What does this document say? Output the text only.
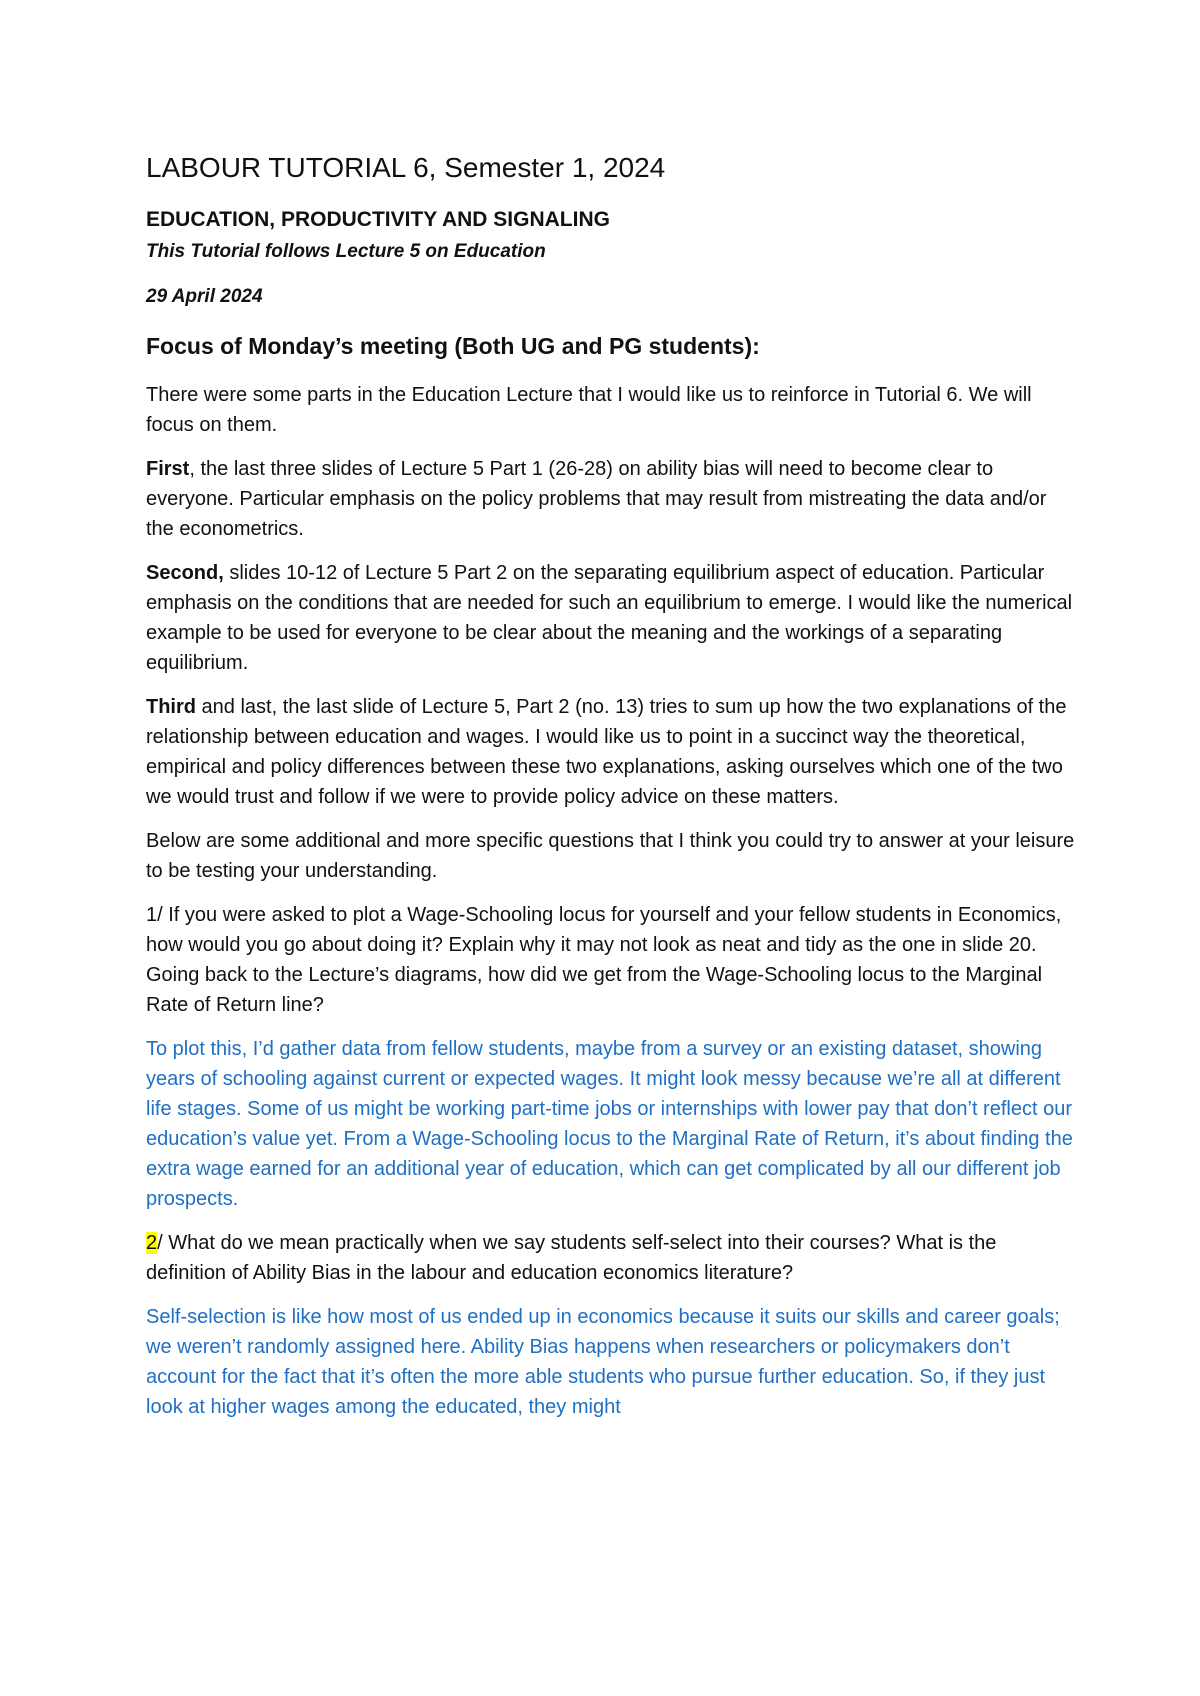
LABOUR TUTORIAL 6, Semester 1, 2024

EDUCATION, PRODUCTIVITY AND SIGNALING

This Tutorial follows Lecture 5 on Education

29 April 2024

Focus of Monday’s meeting (Both UG and PG students):

There were some parts in the Education Lecture that I would like us to reinforce in Tutorial 6. We will focus on them.

First, the last three slides of Lecture 5 Part 1 (26-28) on ability bias will need to become clear to everyone. Particular emphasis on the policy problems that may result from mistreating the data and/or the econometrics.

Second, slides 10-12 of Lecture 5 Part 2 on the separating equilibrium aspect of education. Particular emphasis on the conditions that are needed for such an equilibrium to emerge. I would like the numerical example to be used for everyone to be clear about the meaning and the workings of a separating equilibrium.

Third and last, the last slide of Lecture 5, Part 2 (no. 13) tries to sum up how the two explanations of the relationship between education and wages. I would like us to point in a succinct way the theoretical, empirical and policy differences between these two explanations, asking ourselves which one of the two we would trust and follow if we were to provide policy advice on these matters.

Below are some additional and more specific questions that I think you could try to answer at your leisure to be testing your understanding.

1/ If you were asked to plot a Wage-Schooling locus for yourself and your fellow students in Economics, how would you go about doing it? Explain why it may not look as neat and tidy as the one in slide 20. Going back to the Lecture’s diagrams, how did we get from the Wage-Schooling locus to the Marginal Rate of Return line?

To plot this, I’d gather data from fellow students, maybe from a survey or an existing dataset, showing years of schooling against current or expected wages. It might look messy because we’re all at different life stages. Some of us might be working part-time jobs or internships with lower pay that don’t reflect our education’s value yet. From a Wage-Schooling locus to the Marginal Rate of Return, it’s about finding the extra wage earned for an additional year of education, which can get complicated by all our different job prospects.

2/ What do we mean practically when we say students self-select into their courses? What is the definition of Ability Bias in the labour and education economics literature?

Self-selection is like how most of us ended up in economics because it suits our skills and career goals; we weren’t randomly assigned here. Ability Bias happens when researchers or policymakers don’t account for the fact that it’s often the more able students who pursue further education. So, if they just look at higher wages among the educated, they might
